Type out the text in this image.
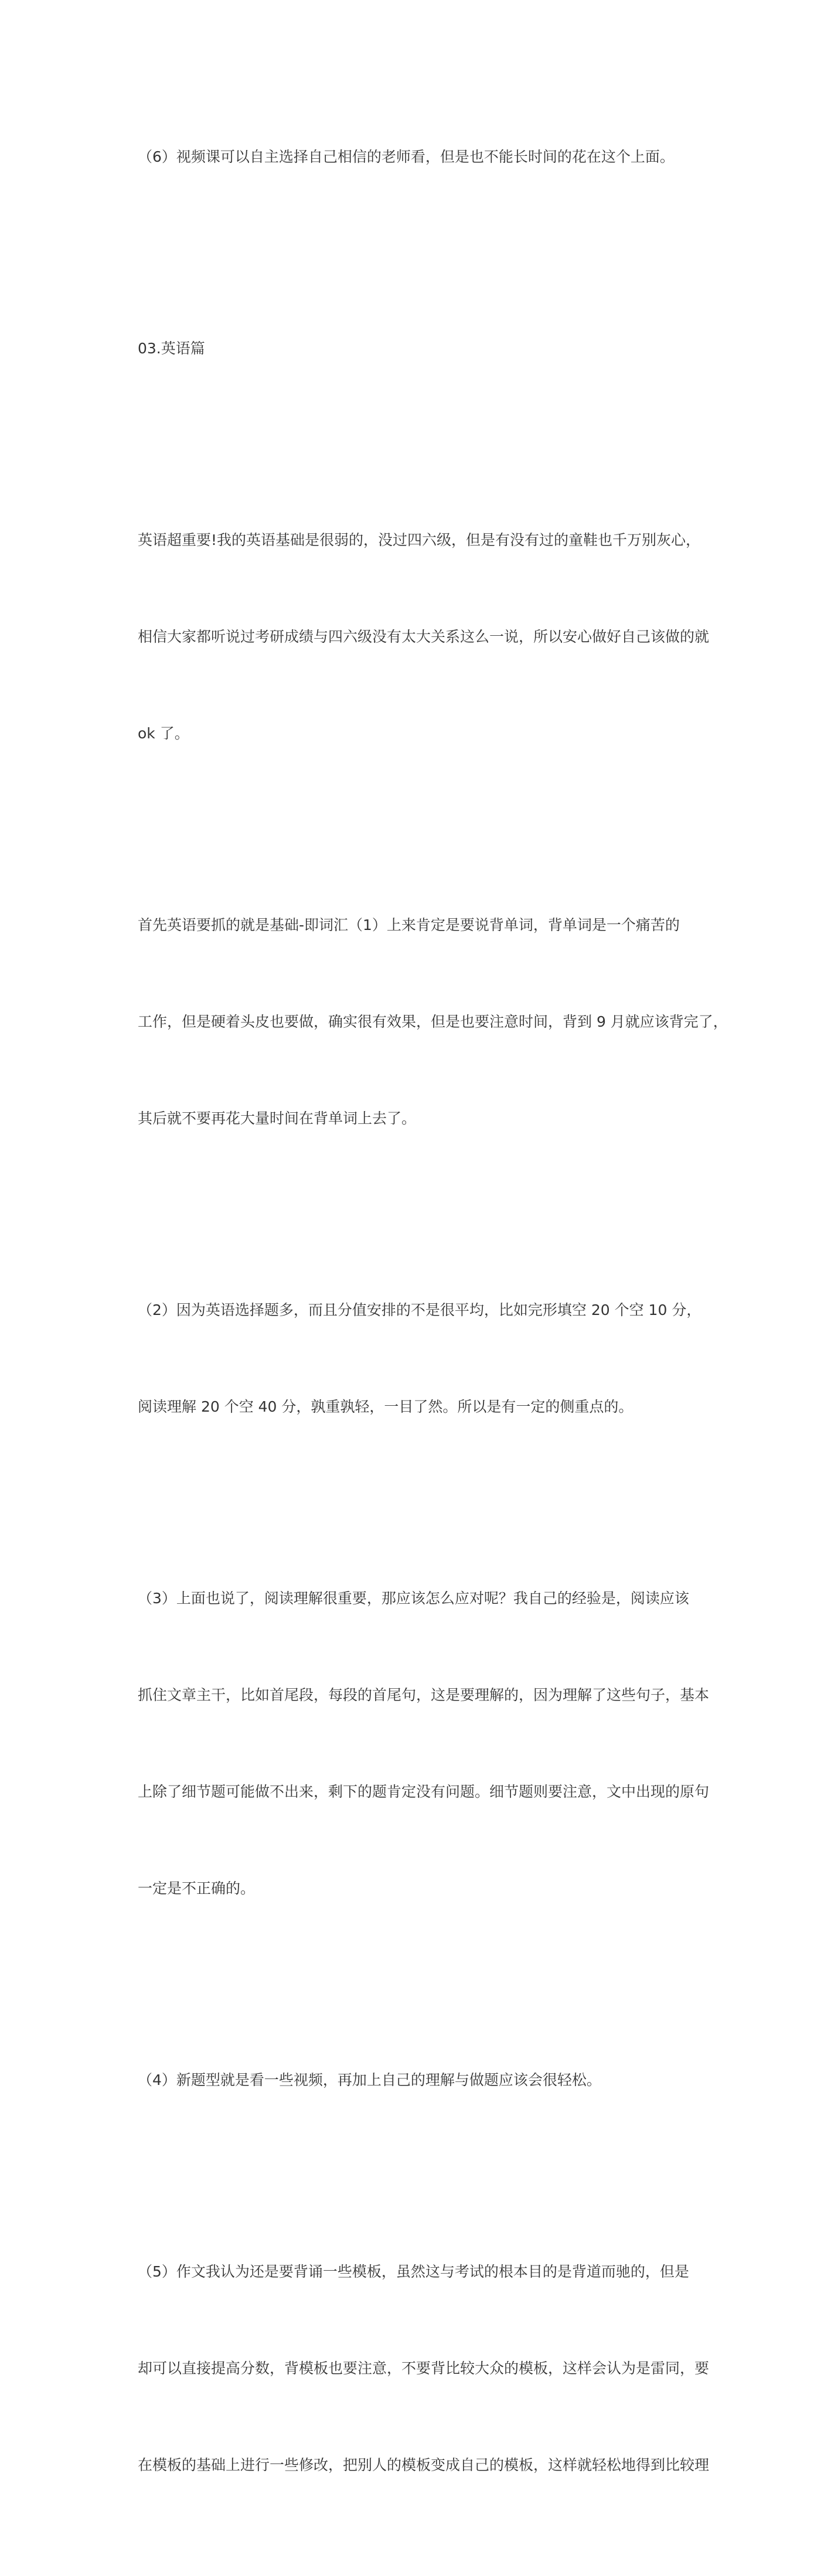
（6）视频课可以自主选择自己相信的老师看，但是也不能长时间的花在这个上面。

03.英语篇

英语超重要!我的英语基础是很弱的，没过四六级，但是有没有过的童鞋也千万别灰心，

相信大家都听说过考研成绩与四六级没有太大关系这么一说，所以安心做好自己该做的就

ok 了。

首先英语要抓的就是基础-即词汇（1）上来肯定是要说背单词，背单词是一个痛苦的

工作，但是硬着头皮也要做，确实很有效果，但是也要注意时间，背到 9 月就应该背完了，

其后就不要再花大量时间在背单词上去了。

（2）因为英语选择题多，而且分值安排的不是很平均，比如完形填空 20 个空 10 分，

阅读理解 20 个空 40 分，孰重孰轻，一目了然。所以是有一定的侧重点的。

（3）上面也说了，阅读理解很重要，那应该怎么应对呢？我自己的经验是，阅读应该

抓住文章主干，比如首尾段，每段的首尾句，这是要理解的，因为理解了这些句子，基本

上除了细节题可能做不出来，剩下的题肯定没有问题。细节题则要注意，文中出现的原句

一定是不正确的。

（4）新题型就是看一些视频，再加上自己的理解与做题应该会很轻松。

（5）作文我认为还是要背诵一些模板，虽然这与考试的根本目的是背道而驰的，但是

却可以直接提高分数，背模板也要注意，不要背比较大众的模板，这样会认为是雷同，要

在模板的基础上进行一些修改，把别人的模板变成自己的模板，这样就轻松地得到比较理
